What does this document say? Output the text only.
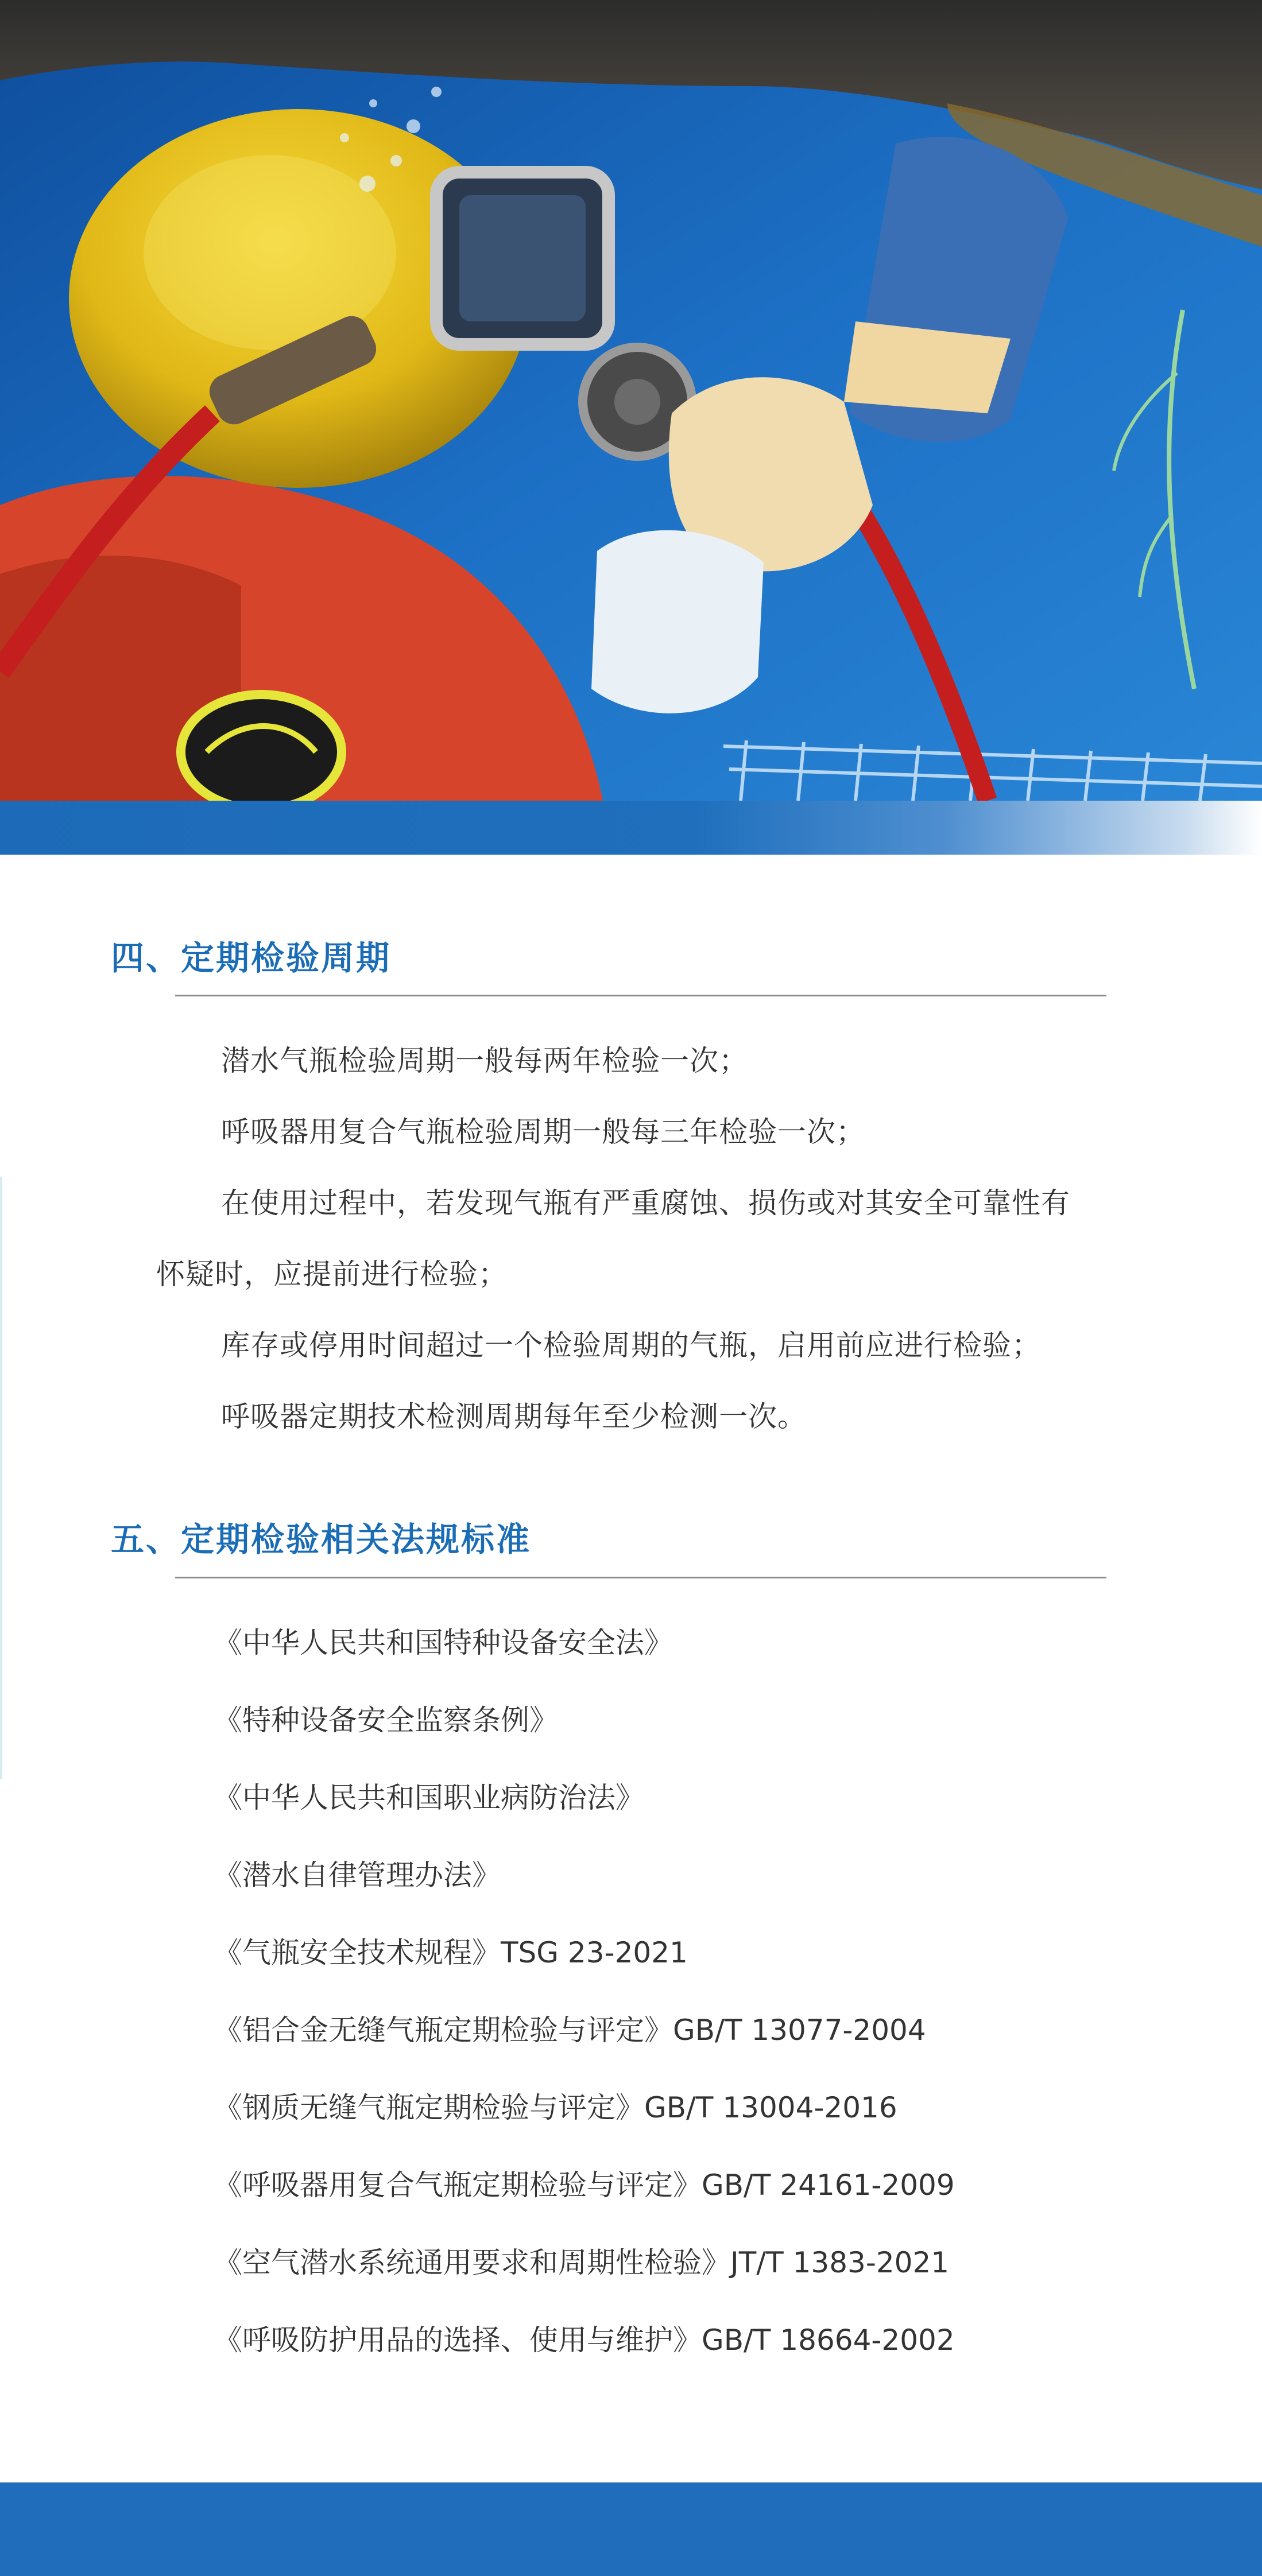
四、定期检验周期

潜水气瓶检验周期一般每两年检验一次；

呼吸器用复合气瓶检验周期一般每三年检验一次；

在使用过程中，若发现气瓶有严重腐蚀、损伤或对其安全可靠性有

怀疑时，应提前进行检验；

库存或停用时间超过一个检验周期的气瓶，启用前应进行检验；

呼吸器定期技术检测周期每年至少检测一次。

五、定期检验相关法规标准

《中华人民共和国特种设备安全法》

《特种设备安全监察条例》

《中华人民共和国职业病防治法》

《潜水自律管理办法》

《气瓶安全技术规程》TSG 23-2021

《铝合金无缝气瓶定期检验与评定》GB/T 13077-2004

《钢质无缝气瓶定期检验与评定》GB/T 13004-2016

《呼吸器用复合气瓶定期检验与评定》GB/T 24161-2009

《空气潜水系统通用要求和周期性检验》JT/T 1383-2021

《呼吸防护用品的选择、使用与维护》GB/T 18664-2002
